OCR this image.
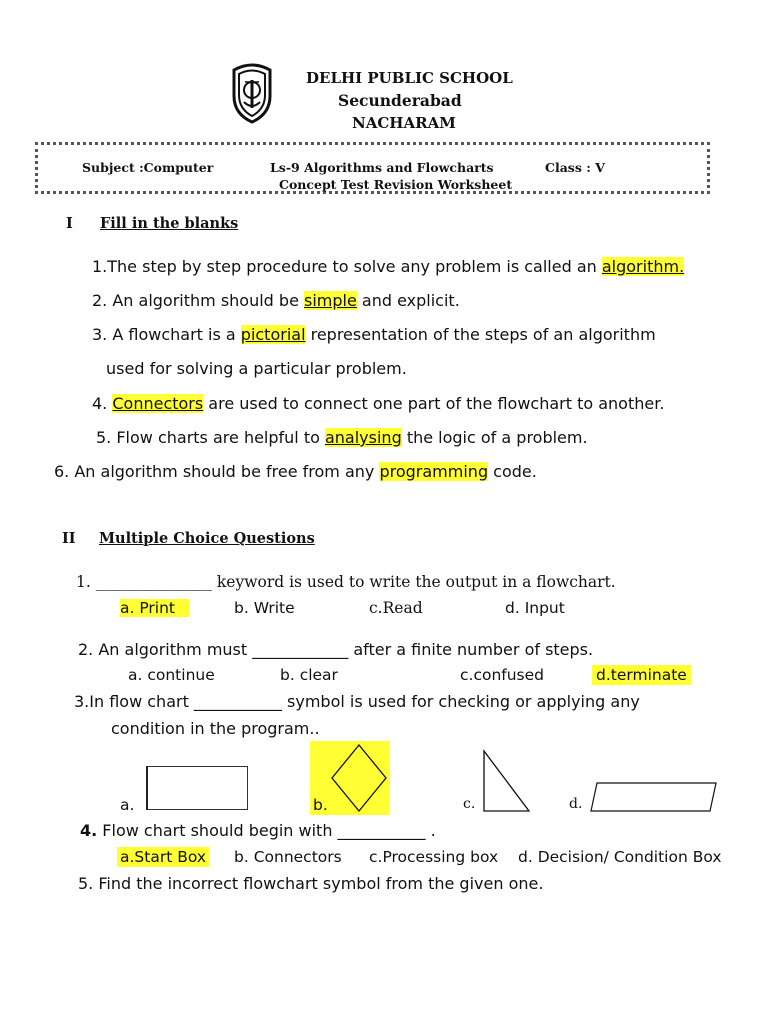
DELHI PUBLIC SCHOOL
Secunderabad
NACHARAM
Subject :Computer	Ls-9 Algorithms and Flowcharts	Class : V
Concept Test Revision Worksheet
I Fill in the blanks
1.The step by step procedure to solve any problem is called an algorithm.
2. An algorithm should be simple and explicit.
3. A flowchart is a pictorial representation of the steps of an algorithm
used for solving a particular problem.
4. Connectors are used to connect one part of the flowchart to another.
5. Flow charts are helpful to analysing the logic of a problem.
6. An algorithm should be free from any programming code.
II Multiple Choice Questions
1. _______________ keyword is used to write the output in a flowchart.
a. Print	b. Write	c.Read	d. Input
2. An algorithm must ____________ after a finite number of steps.
a. continue	b. clear	c.confused	d.terminate
3.In flow chart ___________ symbol is used for checking or applying any
condition in the program..
a.	b.	c.	d.
4. Flow chart should begin with ___________ .
a.Start Box b. Connectors c.Processing box d. Decision/ Condition Box
5. Find the incorrect flowchart symbol from the given one.
